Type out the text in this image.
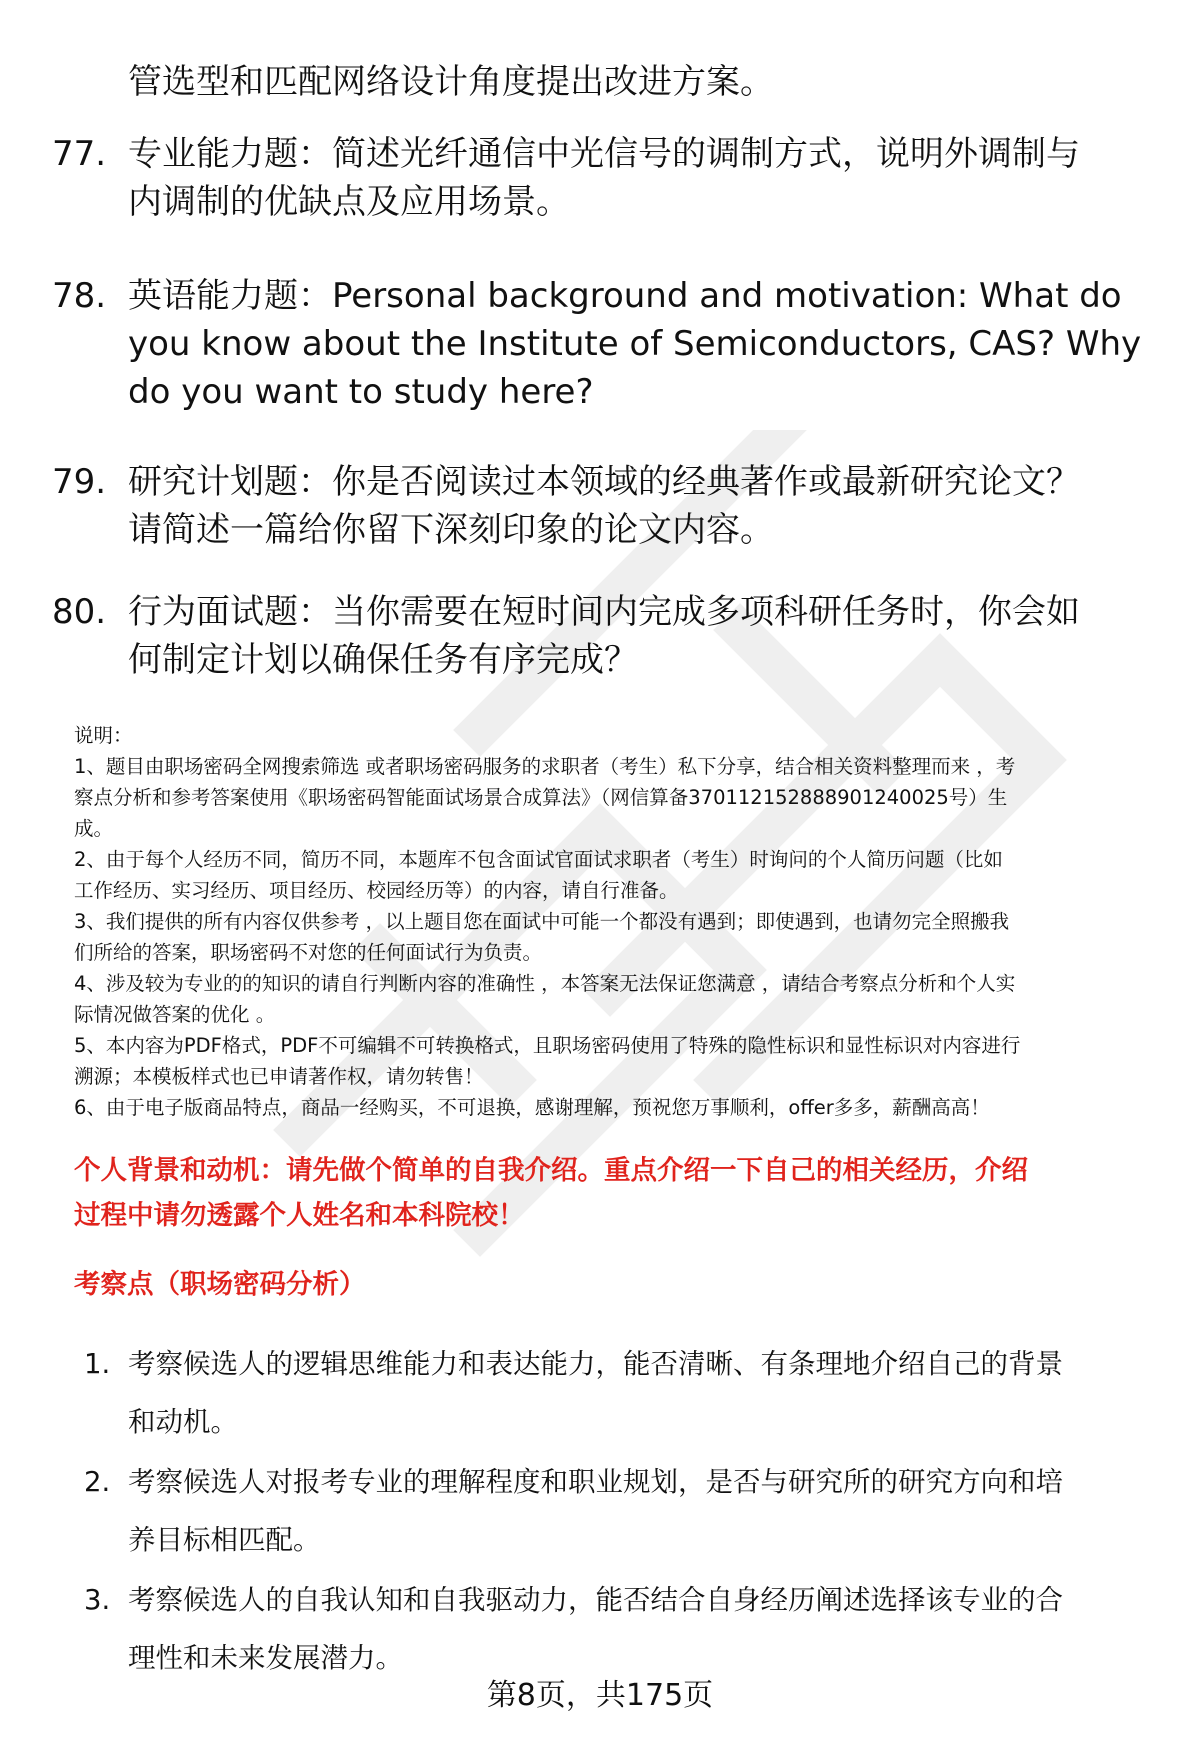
管选型和匹配网络设计角度提出改进方案。
77. 专业能力题：简述光纤通信中光信号的调制方式，说明外调制与
内调制的优缺点及应用场景。
78. 英语能力题：Personal background and motivation: What do
you know about the Institute of Semiconductors, CAS? Why
do you want to study here?
79. 研究计划题：你是否阅读过本领域的经典著作或最新研究论文？
请简述一篇给你留下深刻印象的论文内容。
80. 行为面试题：当你需要在短时间内完成多项科研任务时，你会如
何制定计划以确保任务有序完成？
说明：
1、题目由职场密码全网搜索筛选 或者职场密码服务的求职者（考生）私下分享，结合相关资料整理而来 ，考
察点分析和参考答案使用《职场密码智能面试场景合成算法》（网信算备370112152888901240025号）生
成。
2、由于每个人经历不同，简历不同，本题库不包含面试官面试求职者（考生）时询问的个人简历问题（比如
工作经历、实习经历、项目经历、校园经历等）的内容，请自行准备。
3、我们提供的所有内容仅供参考 ，以上题目您在面试中可能一个都没有遇到；即使遇到，也请勿完全照搬我
们所给的答案，职场密码不对您的任何面试行为负责。
4、涉及较为专业的的知识的请自行判断内容的准确性 ，本答案无法保证您满意 ，请结合考察点分析和个人实
际情况做答案的优化 。
5、本内容为PDF格式，PDF不可编辑不可转换格式，且职场密码使用了特殊的隐性标识和显性标识对内容进行
溯源；本模板样式也已申请著作权，请勿转售！
6、由于电子版商品特点，商品一经购买，不可退换，感谢理解，预祝您万事顺利，offer多多，薪酬高高！
个人背景和动机：请先做个简单的自我介绍。重点介绍一下自己的相关经历，介绍
过程中请勿透露个人姓名和本科院校！
考察点（职场密码分析）
1. 考察候选人的逻辑思维能力和表达能力，能否清晰、有条理地介绍自己的背景
和动机。
2. 考察候选人对报考专业的理解程度和职业规划，是否与研究所的研究方向和培
养目标相匹配。
3. 考察候选人的自我认知和自我驱动力，能否结合自身经历阐述选择该专业的合
理性和未来发展潜力。
第8页，共175页
